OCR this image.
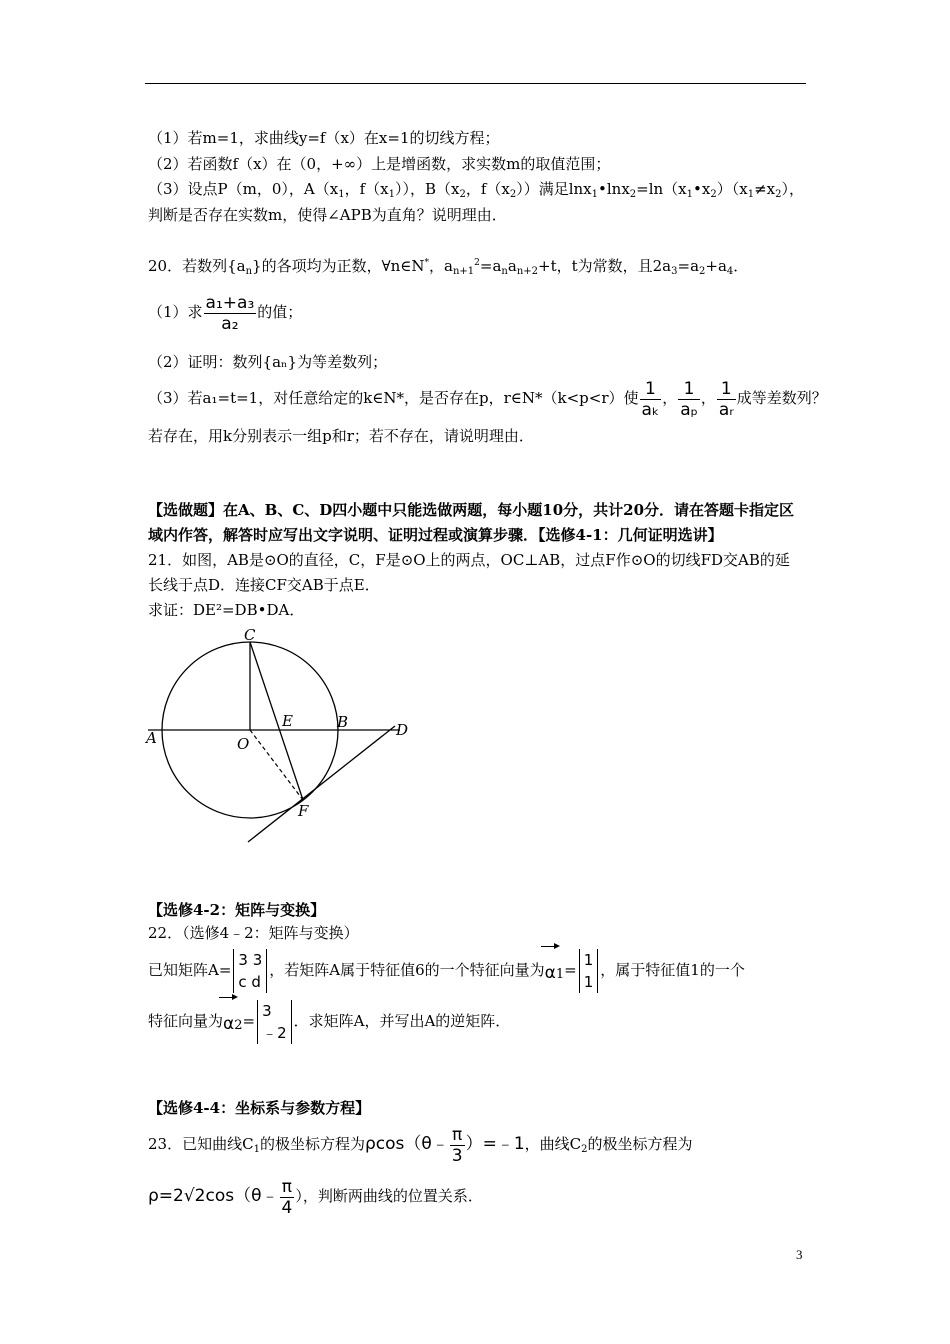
（1）若m=1，求曲线y=f（x）在x=1的切线方程；
（2）若函数f（x）在（0，+∞）上是增函数，求实数m的取值范围；
（3）设点P（m，0），$A(x_1$，$f(x_1)$），$B(x_2$，$f(x_2)$）满足$\ln x_1•\ln x_2=\ln(x_1•x_2)(x_1\ne x_2)$，
判断是否存在实数m，使得∠APB为直角？说明理由．
20．若数列$\{a_n\}$的各项均为正数，∀n∈N*，$a_{n+1}^2=a_na_{n+2}+t$，t为常数，且$2a_3=a_2+a_4$．
（1）求 $\frac{\text{a₁+a₃}}{\text{a₂}}$ 的值；
（2）证明：数列{aₙ}为等差数列；
（3）若a₁=t=1，对任意给定的k∈N*，是否存在p，r∈N*（k<p<r）使 $\frac{1}{\text{aₖ}}$ ， $\frac{1}{\text{aₚ}}$ ， $\frac{1}{\text{aᵣ}}$ 成等差数列？
若存在，用k分别表示一组p和r；若不存在，请说明理由．
【选做题】在A、B、C、D四小题中只能选做两题，每小题10分，共计20分．请在答题卡指定区
域内作答，解答时应写出文字说明、证明过程或演算步骤．【选修4-1：几何证明选讲】
21．如图，AB是⊙O的直径，C，F是⊙O上的两点，OC⊥AB，过点F作⊙O的切线FD交AB的延
长线于点D．连接CF交AB于点E．
求证：DE²=DB•DA．
C
A	O
E	B	D
F
【选修4-2：矩阵与变换】
22．（选修4﹣2：矩阵与变换）
已知矩阵A=
3 3
c d
，若矩阵A属于特征值6的一个特征向量为
α1=
1
1
，属于特征值1的一个
特征向量为
α2=
3
﹣2
．求矩阵A，并写出A的逆矩阵．
【选修4-4：坐标系与参数方程】
23．已知曲线$C_1$的极坐标方程为ρcos（θ﹣ $\frac{\pi}{3}$ ）=﹣1，曲线$C_2$的极坐标方程为
ρ=2√2cos（θ﹣ $\frac{\pi}{4}$ ），判断两曲线的位置关系．
3
